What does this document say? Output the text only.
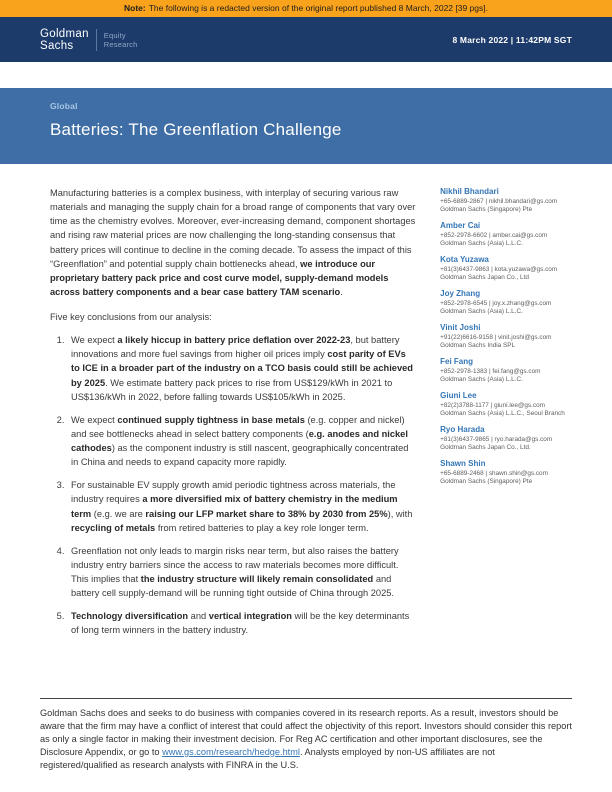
Note: The following is a redacted version of the original report published 8 March, 2022 [39 pgs].
Goldman
Sachs
Equity
Research	8 March 2022 | 11:42PM SGT
Global
Batteries: The Greenflation Challenge

Manufacturing batteries is a complex business, with interplay of securing various raw materials and managing the supply chain for a broad range of components that vary over time as the chemistry evolves. Moreover, ever-increasing demand, component shortages and rising raw material prices are now challenging the long-standing consensus that battery prices will continue to decline in the coming decade. To assess the impact of this “Greenflation” and potential supply chain bottlenecks ahead, we introduce our proprietary battery pack price and cost curve model, supply-demand models across battery components and a bear case battery TAM scenario.

Five key conclusions from our analysis:

1. We expect a likely hiccup in battery price deflation over 2022-23, but battery innovations and more fuel savings from higher oil prices imply cost parity of EVs to ICE in a broader part of the industry on a TCO basis could still be achieved by 2025. We estimate battery pack prices to rise from US$129/kWh in 2021 to US$136/kWh in 2022, before falling towards US$105/kWh in 2025.
2. We expect continued supply tightness in base metals (e.g. copper and nickel) and see bottlenecks ahead in select battery components (e.g. anodes and nickel cathodes) as the component industry is still nascent, geographically concentrated in China and needs to expand capacity more rapidly.
3. For sustainable EV supply growth amid periodic tightness across materials, the industry requires a more diversified mix of battery chemistry in the medium term (e.g. we are raising our LFP market share to 38% by 2030 from 25%), with recycling of metals from retired batteries to play a key role longer term.
4. Greenflation not only leads to margin risks near term, but also raises the battery industry entry barriers since the access to raw materials becomes more difficult. This implies that the industry structure will likely remain consolidated and battery cell supply-demand will be running tight outside of China through 2025.
5. Technology diversification and vertical integration will be the key determinants of long term winners in the battery industry.
Nikhil Bhandari
+65-6889-2867 | nikhil.bhandari@gs.com
Goldman Sachs (Singapore) Pte
Amber Cai
+852-2978-6602 | amber.cai@gs.com
Goldman Sachs (Asia) L.L.C.
Kota Yuzawa
+81(3)6437-9863 | kota.yuzawa@gs.com
Goldman Sachs Japan Co., Ltd
Joy Zhang
+852-2978-6545 | joy.x.zhang@gs.com
Goldman Sachs (Asia) L.L.C.
Vinit Joshi
+91(22)6616-9158 | vinit.joshi@gs.com
Goldman Sachs India SPL
Fei Fang
+852-2978-1383 | fei.fang@gs.com
Goldman Sachs (Asia) L.L.C.
Giuni Lee
+82(2)3788-1177 | giuni.lee@gs.com
Goldman Sachs (Asia) L.L.C., Seoul Branch
Ryo Harada
+81(3)6437-9865 | ryo.harada@gs.com
Goldman Sachs Japan Co., Ltd.
Shawn Shin
+65-6889-2468 | shawn.shin@gs.com
Goldman Sachs (Singapore) Pte

Goldman Sachs does and seeks to do business with companies covered in its research reports. As a result, investors should be aware that the firm may have a conflict of interest that could affect the objectivity of this report. Investors should consider this report as only a single factor in making their investment decision. For Reg AC certification and other important disclosures, see the Disclosure Appendix, or go to www.gs.com/research/hedge.html. Analysts employed by non-US affiliates are not registered/qualified as research analysts with FINRA in the U.S.
